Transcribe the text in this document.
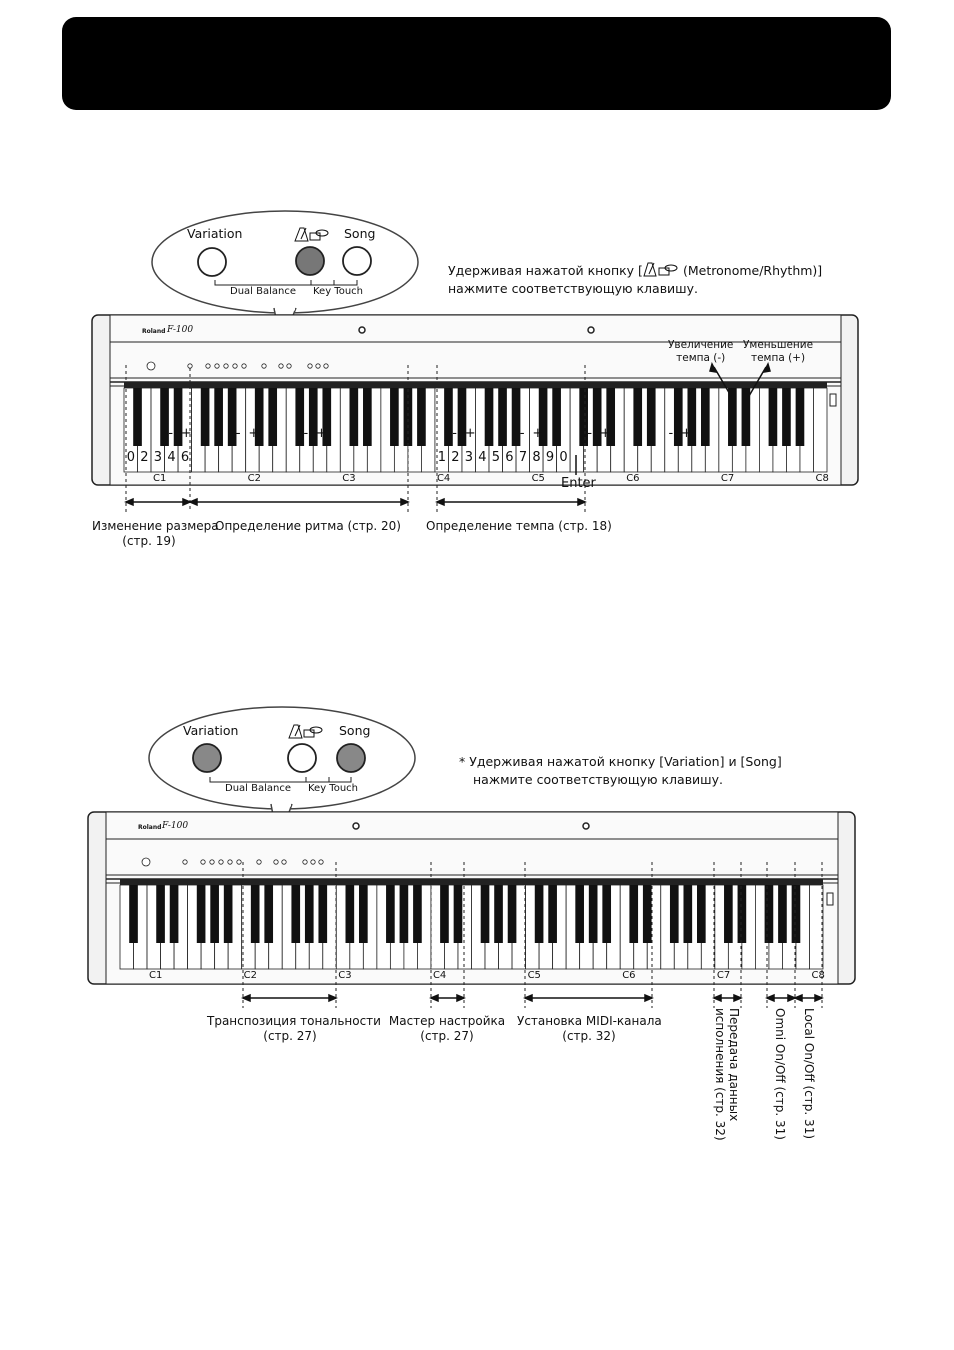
Variation	Song
Dual Balance Key Touch
Удерживая нажатой кнопку [	(Metronome/Rhythm)]
нажмите соответствующую клавишу.
Увеличение
темпа (-)
Уменьшение
темпа (+)
Roland F-100
C1	C2	C3	C4	C5	C6	C7	C8
0 2 3 4 6	1 2 3 4 5 6 7 8 9 0
- +	- +	- +	- +	- +	- +	- +
Enter
Изменение размера
(стр. 19)
Определение ритма (стр. 20) Определение темпа (стр. 18)
Variation	Song
Dual Balance Key Touch
* Удерживая нажатой кнопку [Variation] и [Song]
нажмите соответствующую клавишу.
Roland F-100
C1	C2	C3	C4	C5	C6	C7	C8
Транспозиция тональности
(стр. 27)
Мастер настройка
(стр. 27)
Установка MIDI-канала
(стр. 32)	Передача данных
исполнения (стр. 32)	Omni On/Off (стр. 31) Local On/Off (стр. 31)
